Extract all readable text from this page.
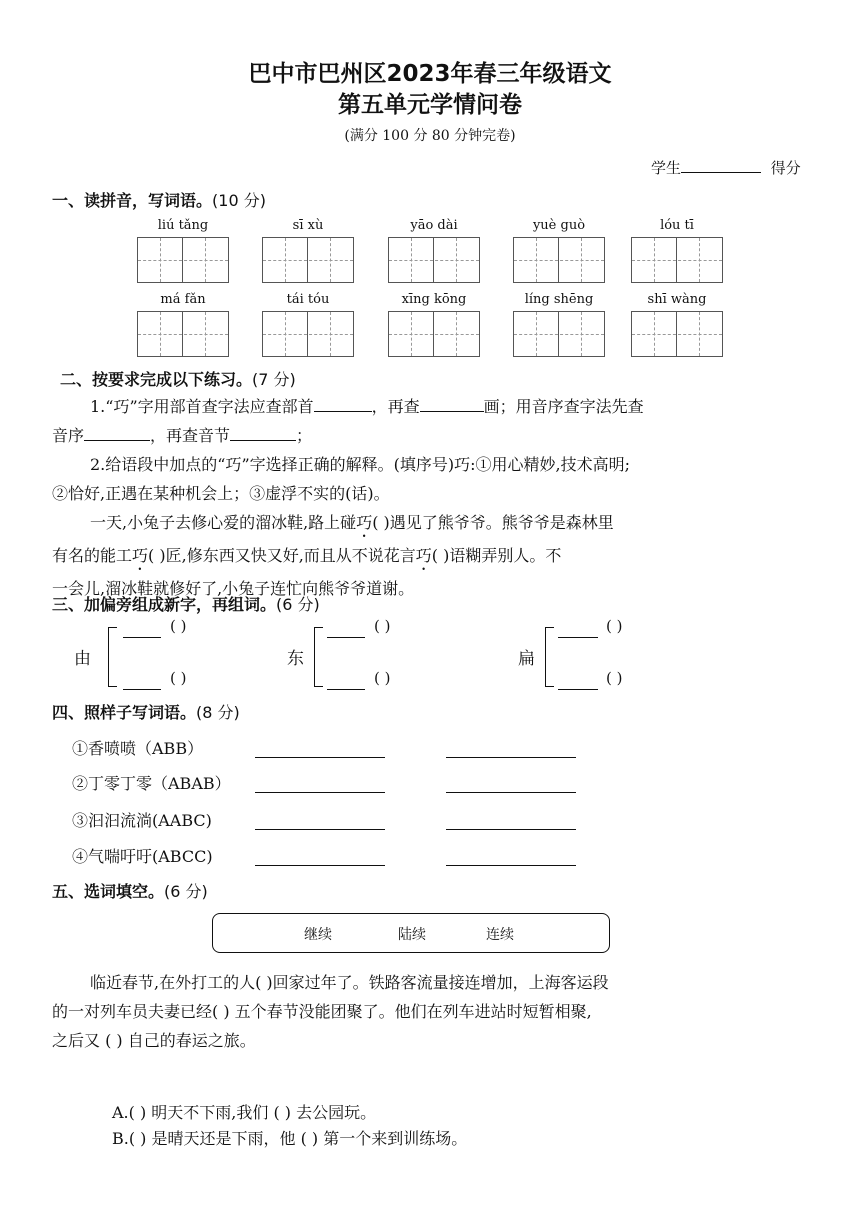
巴中市巴州区2023年春三年级语文
第五单元学情问卷
(满分 100 分 80 分钟完卷)
学生	得分
一、读拼音，写词语。(10 分)
liú tǎng	sī xù	yāo dài	yuè guò	lóu tī
má fǎn	tái tóu	xīng kōng	líng shēng	shī wàng
二、按要求完成以下练习。(7 分)
1.“巧”字用部首查字法应查部首	，再查	画；用音序查字法先查
音序	，再查音节	；
2.给语段中加点的“巧”字选择正确的解释。(填序号)巧:①用心精妙,技术高明;
②恰好,正遇在某种机会上；③虚浮不实的(话)。
一天,小兔子去修心爱的溜冰鞋,路上碰巧( )遇见了熊爷爷。熊爷爷是森林里
有名的能工巧( )匠,修东西又快又好,而且从不说花言巧( )语糊弄别人。不
一会儿,溜冰鞋就修好了,小兔子连忙向熊爷爷道谢。
三、加偏旁组成新字，再组词。(6 分)
由
( )
( )
东
( )
( )
扁
( )
( )
四、照样子写词语。(8 分)
①香喷喷（ABB）
②丁零丁零（ABAB）
③汩汩流淌(AABC)
④气喘吁吁(ABCC)
五、选词填空。(6 分)
继续	陆续	连续
临近春节,在外打工的人( )回家过年了。铁路客流量接连增加，上海客运段
的一对列车员夫妻已经( ) 五个春节没能团聚了。他们在列车进站时短暂相聚,
之后又 ( ) 自己的春运之旅。
A.( ) 明天不下雨,我们 ( ) 去公园玩。
B.( ) 是晴天还是下雨，他 ( ) 第一个来到训练场。
